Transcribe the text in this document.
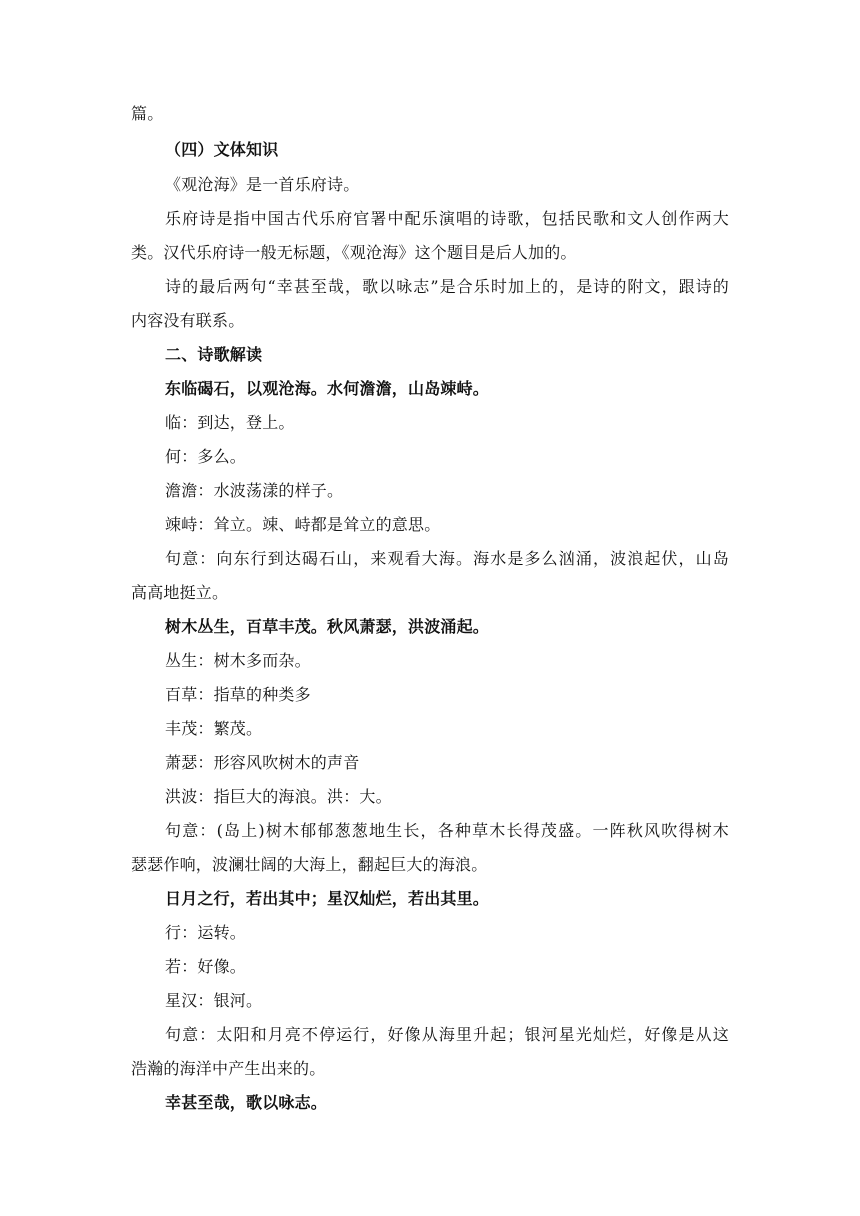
篇。
（四）文体知识
《观沧海》是一首乐府诗。
乐府诗是指中国古代乐府官署中配乐演唱的诗歌，包括民歌和文人创作两大
类。汉代乐府诗一般无标题，《观沧海》这个题目是后人加的。
诗的最后两句“幸甚至哉，歌以咏志”是合乐时加上的，是诗的附文，跟诗的
内容没有联系。
二、诗歌解读
东临碣石，以观沧海。水何澹澹，山岛竦峙。
临：到达，登上。
何：多么。
澹澹：水波荡漾的样子。
竦峙：耸立。竦、峙都是耸立的意思。
句意：向东行到达碣石山，来观看大海。海水是多么汹涌，波浪起伏，山岛
高高地挺立。
树木丛生，百草丰茂。秋风萧瑟，洪波涌起。
丛生：树木多而杂。
百草：指草的种类多
丰茂：繁茂。
萧瑟：形容风吹树木的声音
洪波：指巨大的海浪。洪：大。
句意：(岛上)树木郁郁葱葱地生长，各种草木长得茂盛。一阵秋风吹得树木
瑟瑟作响，波澜壮阔的大海上，翻起巨大的海浪。
日月之行，若出其中；星汉灿烂，若出其里。
行：运转。
若：好像。
星汉：银河。
句意：太阳和月亮不停运行，好像从海里升起；银河星光灿烂，好像是从这
浩瀚的海洋中产生出来的。
幸甚至哉，歌以咏志。
